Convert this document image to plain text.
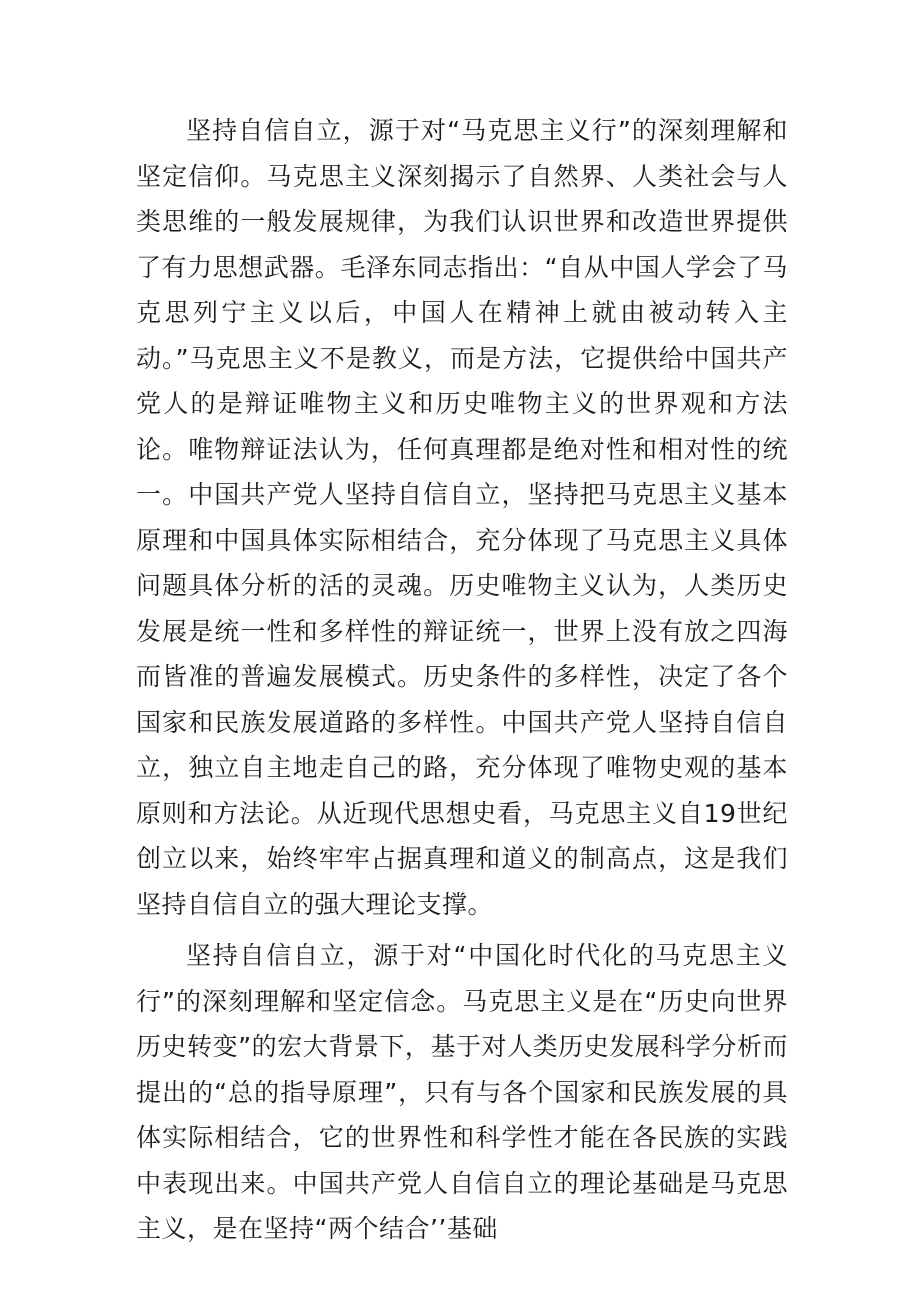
坚持自信自立，源于对“马克思主义行”的深刻理解和坚定信仰。马克思主义深刻揭示了自然界、人类社会与人类思维的一般发展规律，为我们认识世界和改造世界提供了有力思想武器。毛泽东同志指出：“自从中国人学会了马克思列宁主义以后，中国人在精神上就由被动转入主动。”马克思主义不是教义，而是方法，它提供给中国共产党人的是辩证唯物主义和历史唯物主义的世界观和方法论。唯物辩证法认为，任何真理都是绝对性和相对性的统一。中国共产党人坚持自信自立，坚持把马克思主义基本原理和中国具体实际相结合，充分体现了马克思主义具体问题具体分析的活的灵魂。历史唯物主义认为，人类历史发展是统一性和多样性的辩证统一，世界上没有放之四海而皆准的普遍发展模式。历史条件的多样性，决定了各个国家和民族发展道路的多样性。中国共产党人坚持自信自立，独立自主地走自己的路，充分体现了唯物史观的基本原则和方法论。从近现代思想史看，马克思主义自19世纪创立以来，始终牢牢占据真理和道义的制高点，这是我们坚持自信自立的强大理论支撑。

坚持自信自立，源于对“中国化时代化的马克思主义行”的深刻理解和坚定信念。马克思主义是在“历史向世界历史转变”的宏大背景下，基于对人类历史发展科学分析而提出的“总的指导原理”，只有与各个国家和民族发展的具体实际相结合，它的世界性和科学性才能在各民族的实践中表现出来。中国共产党人自信自立的理论基础是马克思主义，是在坚持“两个结合’’基础
